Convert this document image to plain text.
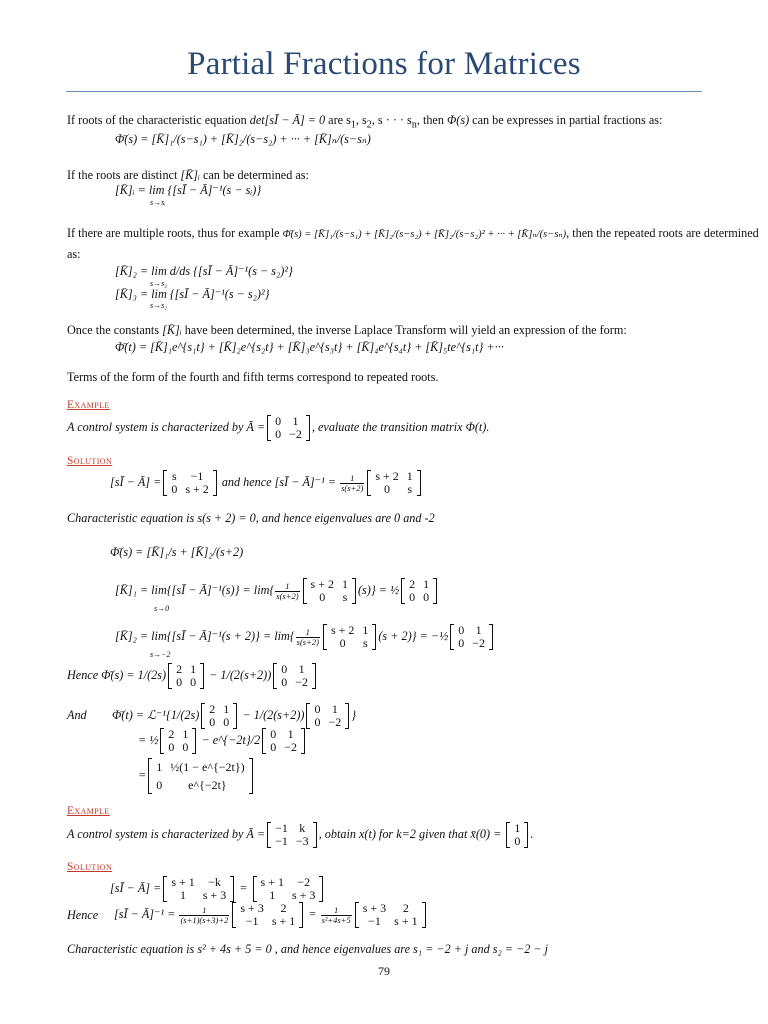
Partial Fractions for Matrices
If roots of the characteristic equation det[sĪ − Ā] = 0 are $s_1$, $s_2$, s · · · $s_n$, then Φ(s) can be expresses in partial fractions as:
Φ̄(s) = [K̄]₁/(s−s₁) + [K̄]₂/(s−s₂) + ··· + [K̄]ₙ/(s−sₙ)
If the roots are distinct [K̄]ᵢ can be determined as:
[K̄]ᵢ = lim {[sĪ − Ā]⁻¹(s − sᵢ)}
s→sᵢ
If there are multiple roots, thus for example Φ̄(s) = [K̄]₁/(s−s₁) + [K̄]₂/(s−s₂) + [K̄]₂/(s−s₂)² + ··· + [K̄]ₙ/(s−sₙ), then the repeated roots are determined
as:
[K̄]₂ = lim d/ds {[sĪ − Ā]⁻¹(s − s₂)²}
s→s₂
[K̄]₃ = lim {[sĪ − Ā]⁻¹(s − s₂)²}
s→s₂
Once the constants [K̄]ᵢ have been determined, the inverse Laplace Transform will yield an expression of the form:
Φ̄(t) = [K̄]₁e^{s₁t} + [K̄]₂e^{s₂t} + [K̄]₃e^{s₃t} + [K̄]₄e^{s₄t} + [K̄]₅te^{s₁t} +···
Terms of the form of the fourth and fifth terms correspond to repeated roots.
Example
A control system is characterized by Ā = 0	1
0	−2
, evaluate the transition matrix Φ(t).
Solution
[sĪ − Ā] = s	−1
0	s + 2
and hence [sĪ − Ā]⁻¹ = $\frac{1}{s(s+2)}$ s + 2	1
0	s
Characteristic equation is s(s + 2) = 0, and hence eigenvalues are 0 and -2
Φ̄(s) = [K̄]₁/s + [K̄]₂/(s+2)
[K̄]₁ = lim{[sĪ − Ā]⁻¹(s)} = $\lim\{ \frac{1}{s(s+2)}$ s + 2	1
0	s
(s)} = ½ 2	1
0	0
s→0
[K̄]₂ = lim{[sĪ − Ā]⁻¹(s + $2)\} = \lim\{ \frac{1}{s(s+2)}$ s + 2	1
0	s
(s + 2)} = −½ 0	1
0	−2
s→−2
Hence Φ̄(s) = 1/(2s) 2	1
0	0
− 1/(2(s+2)) 0	1
0	−2
And Φ̄(t) = ℒ⁻¹{1/(2s) 2	1
0	0
− 1/(2(s+2)) 0	1
0	−2
}
= ½ 2	1
0	0
− e^{−2t}/2 0	1
0	−2
=
1	½(1 − e^{−2t})
0	e^{−2t}
Example
A control system is characterized by Ā = −1	k
−1	−3
, obtain x(t) for k=2 given that x̄(0) = 1
0
.
Solution
[sĪ − Ā] = s + 1	−k
1	s + 3
= s + 1	−2
1	s + 3
Hence [sĪ − Ā]⁻¹ = $\frac{1}{(s+1)(s+3)+2}$ s + 3	2
−1	s + 1
= $\frac{1}{\text{s²+4s+5}}$ s + 3	2
−1	s + 1
Characteristic equation is s² + 4s + 5 = 0 , and hence eigenvalues are s₁ = −2 + j and s₂ = −2 − j
79
